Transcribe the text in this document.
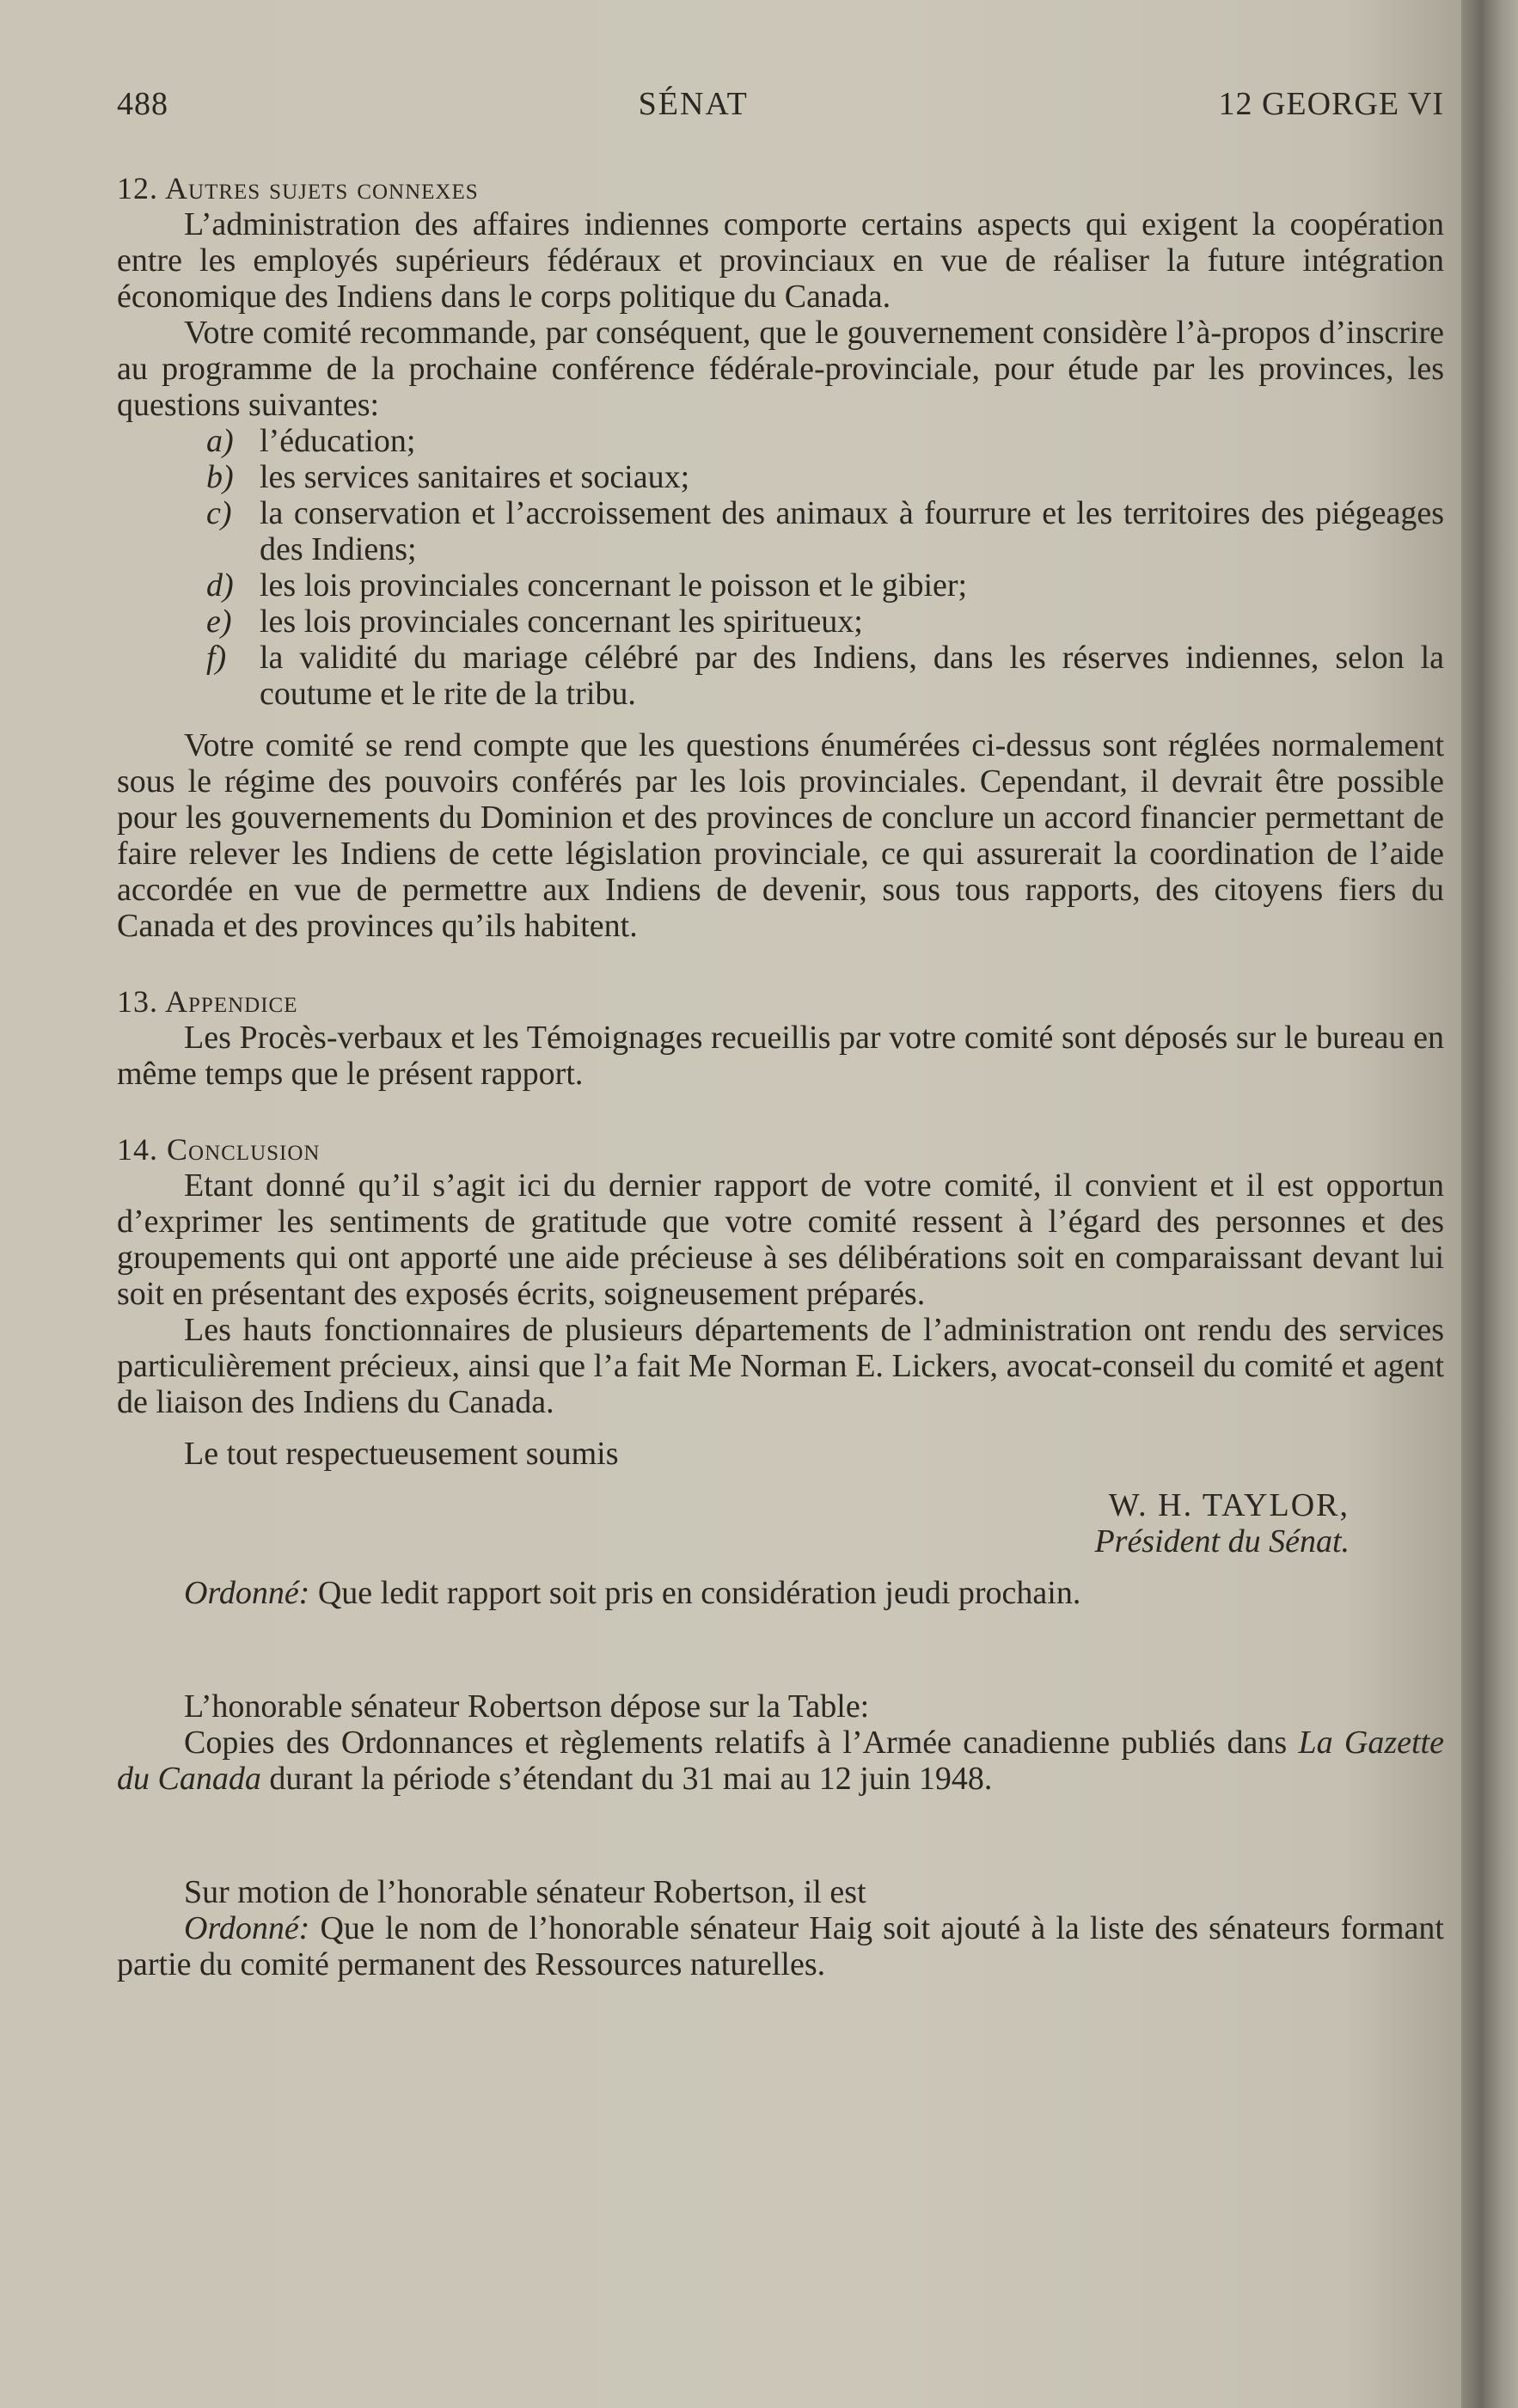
488	SÉNAT	12 GEORGE VI
12. Autres sujets connexes

L’administration des affaires indiennes comporte certains aspects qui exigent la coopération entre les employés supérieurs fédéraux et provinciaux en vue de réaliser la future intégration économique des Indiens dans le corps politique du Canada.

Votre comité recommande, par conséquent, que le gouvernement considère l’à-propos d’inscrire au programme de la prochaine conférence fédérale-provinciale, pour étude par les provinces, les questions suivantes:

a) l’éducation;
b) les services sanitaires et sociaux;
c) la conservation et l’accroissement des animaux à fourrure et les territoires des piégeages des Indiens;
d) les lois provinciales concernant le poisson et le gibier;
e) les lois provinciales concernant les spiritueux;
f) la validité du mariage célébré par des Indiens, dans les réserves indiennes, selon la coutume et le rite de la tribu.

Votre comité se rend compte que les questions énumérées ci-dessus sont réglées normalement sous le régime des pouvoirs conférés par les lois provinciales. Cependant, il devrait être possible pour les gouvernements du Dominion et des provinces de conclure un accord financier permettant de faire relever les Indiens de cette législation provinciale, ce qui assurerait la coordination de l’aide accordée en vue de permettre aux Indiens de devenir, sous tous rapports, des citoyens fiers du Canada et des provinces qu’ils habitent.

13. Appendice

Les Procès-verbaux et les Témoignages recueillis par votre comité sont déposés sur le bureau en même temps que le présent rapport.

14. Conclusion

Etant donné qu’il s’agit ici du dernier rapport de votre comité, il convient et il est opportun d’exprimer les sentiments de gratitude que votre comité ressent à l’égard des personnes et des groupements qui ont apporté une aide précieuse à ses délibérations soit en comparaissant devant lui soit en présentant des exposés écrits, soigneusement préparés.

Les hauts fonctionnaires de plusieurs départements de l’administration ont rendu des services particulièrement précieux, ainsi que l’a fait Me Norman E. Lickers, avocat-conseil du comité et agent de liaison des Indiens du Canada.

Le tout respectueusement soumis

W. H. TAYLOR,
Président du Sénat.

Ordonné: Que ledit rapport soit pris en considération jeudi prochain.

L’honorable sénateur Robertson dépose sur la Table:

Copies des Ordonnances et règlements relatifs à l’Armée canadienne publiés dans La Gazette du Canada durant la période s’étendant du 31 mai au 12 juin 1948.

Sur motion de l’honorable sénateur Robertson, il est

Ordonné: Que le nom de l’honorable sénateur Haig soit ajouté à la liste des sénateurs formant partie du comité permanent des Ressources naturelles.
